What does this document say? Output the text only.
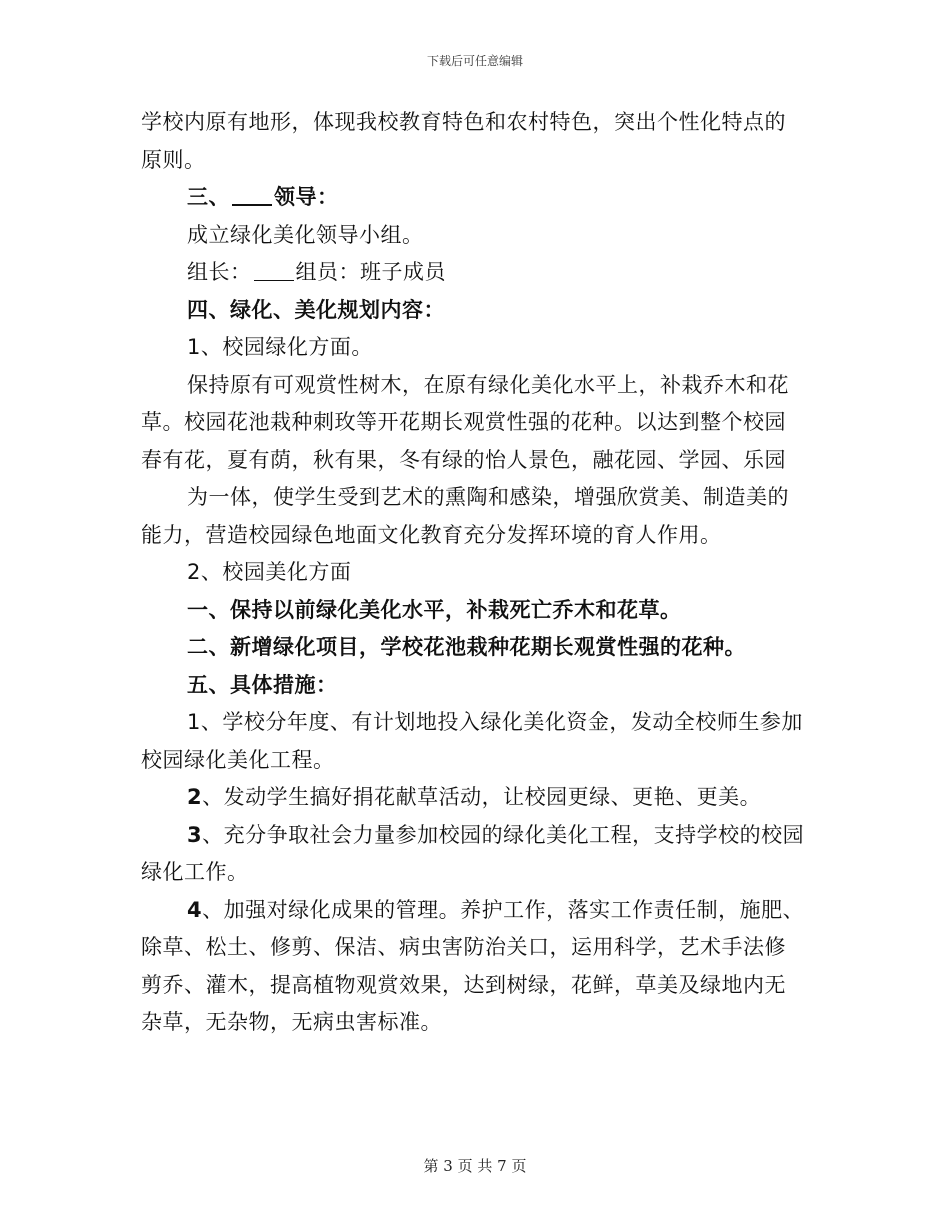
下载后可任意编辑
学校内原有地形，体现我校教育特色和农村特色，突出个性化特点的
原则。
三、 领导：
成立绿化美化领导小组。
组长： 组员：班子成员
四、绿化、美化规划内容：
1、校园绿化方面。
保持原有可观赏性树木，在原有绿化美化水平上，补栽乔木和花
草。校园花池栽种刺玫等开花期长观赏性强的花种。以达到整个校园
春有花，夏有荫，秋有果，冬有绿的怡人景色，融花园、学园、乐园
为一体，使学生受到艺术的熏陶和感染，增强欣赏美、制造美的
能力，营造校园绿色地面文化教育充分发挥环境的育人作用。
2、校园美化方面
一、保持以前绿化美化水平，补栽死亡乔木和花草。
二、新增绿化项目，学校花池栽种花期长观赏性强的花种。
五、具体措施：
1、学校分年度、有计划地投入绿化美化资金，发动全校师生参加
校园绿化美化工程。
2、发动学生搞好捐花献草活动，让校园更绿、更艳、更美。
3、充分争取社会力量参加校园的绿化美化工程，支持学校的校园
绿化工作。
4、加强对绿化成果的管理。养护工作，落实工作责任制，施肥、
除草、松土、修剪、保洁、病虫害防治关口，运用科学，艺术手法修
剪乔、灌木，提高植物观赏效果，达到树绿，花鲜，草美及绿地内无
杂草，无杂物，无病虫害标准。
第 3 页 共 7 页
